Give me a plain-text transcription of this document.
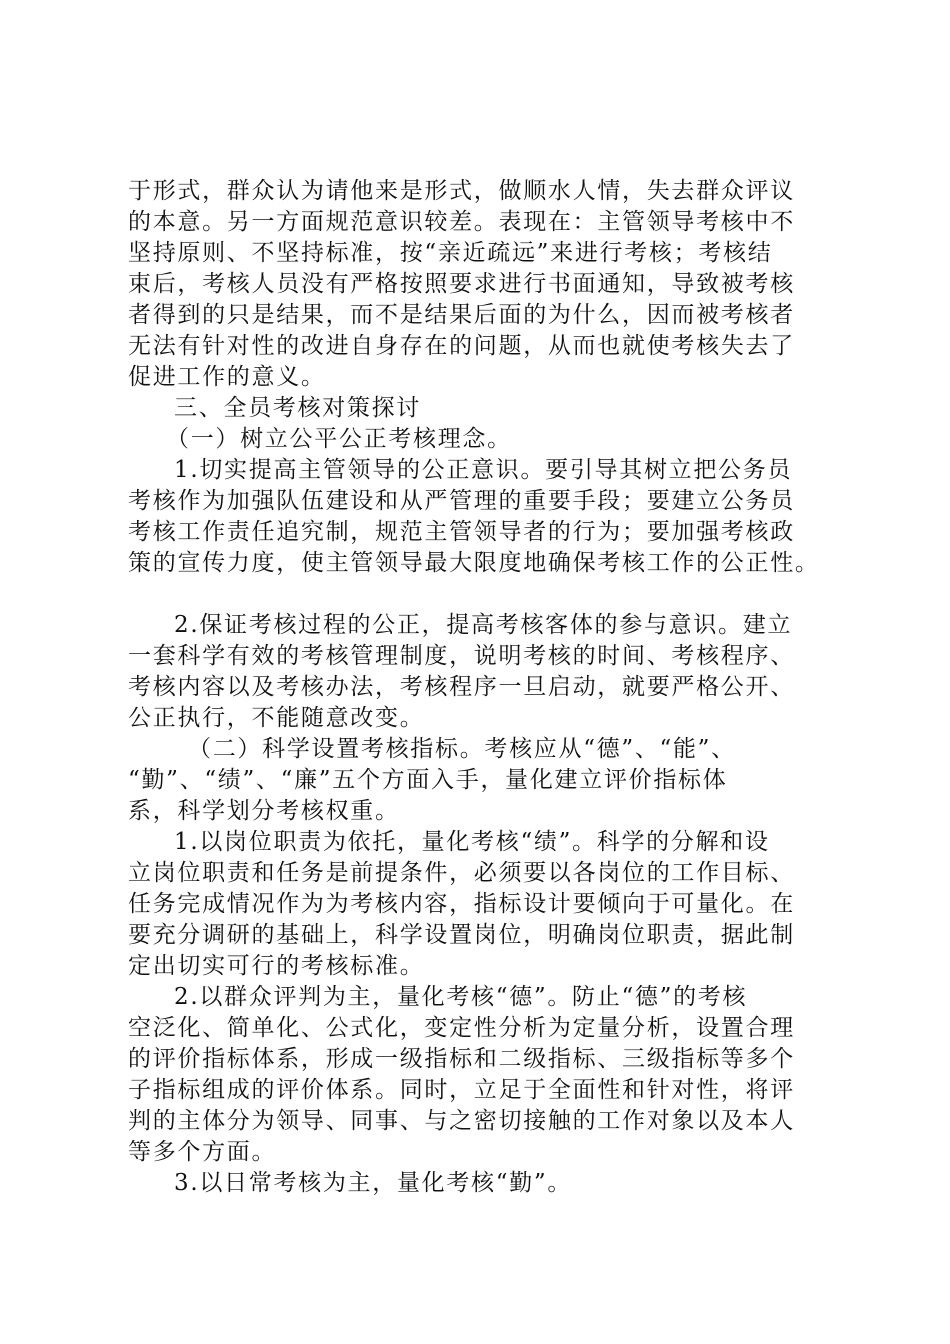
于形式，群众认为请他来是形式，做顺水人情，失去群众评议
的本意。另一方面规范意识较差。表现在：主管领导考核中不
坚持原则、不坚持标准，按“亲近疏远”来进行考核；考核结
束后，考核人员没有严格按照要求进行书面通知，导致被考核
者得到的只是结果，而不是结果后面的为什么，因而被考核者
无法有针对性的改进自身存在的问题，从而也就使考核失去了
促进工作的意义。
三、全员考核对策探讨
（一）树立公平公正考核理念。
1.切实提高主管领导的公正意识。要引导其树立把公务员
考核作为加强队伍建设和从严管理的重要手段；要建立公务员
考核工作责任追究制，规范主管领导者的行为；要加强考核政
策的宣传力度，使主管领导最大限度地确保考核工作的公正性。
2.保证考核过程的公正，提高考核客体的参与意识。建立
一套科学有效的考核管理制度，说明考核的时间、考核程序、
考核内容以及考核办法，考核程序一旦启动，就要严格公开、
公正执行，不能随意改变。
（二）科学设置考核指标。考核应从“德”、“能”、
“勤”、“绩”、“廉”五个方面入手，量化建立评价指标体
系，科学划分考核权重。
1.以岗位职责为依托，量化考核“绩”。科学的分解和设
立岗位职责和任务是前提条件，必须要以各岗位的工作目标、
任务完成情况作为为考核内容，指标设计要倾向于可量化。在
要充分调研的基础上，科学设置岗位，明确岗位职责，据此制
定出切实可行的考核标准。
2.以群众评判为主，量化考核“德”。防止“德”的考核
空泛化、简单化、公式化，变定性分析为定量分析，设置合理
的评价指标体系，形成一级指标和二级指标、三级指标等多个
子指标组成的评价体系。同时，立足于全面性和针对性，将评
判的主体分为领导、同事、与之密切接触的工作对象以及本人
等多个方面。
3.以日常考核为主，量化考核“勤”。
